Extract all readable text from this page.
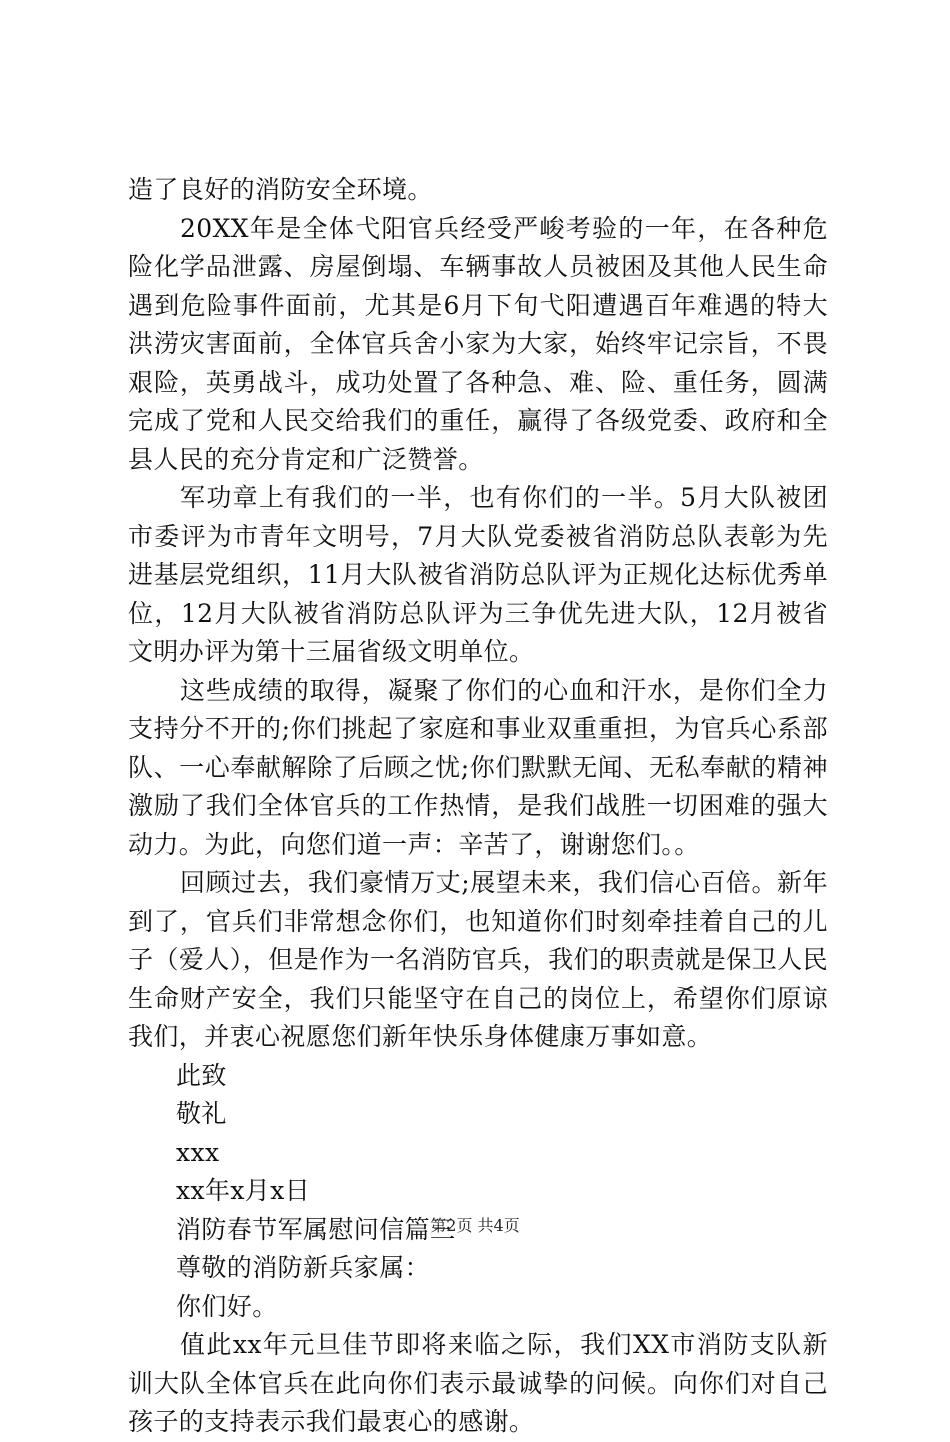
造了良好的消防安全环境。

20XX年是全体弋阳官兵经受严峻考验的一年，在各种危险化学品泄露、房屋倒塌、车辆事故人员被困及其他人民生命遇到危险事件面前，尤其是6月下旬弋阳遭遇百年难遇的特大洪涝灾害面前，全体官兵舍小家为大家，始终牢记宗旨，不畏艰险，英勇战斗，成功处置了各种急、难、险、重任务，圆满完成了党和人民交给我们的重任，赢得了各级党委、政府和全县人民的充分肯定和广泛赞誉。

军功章上有我们的一半，也有你们的一半。5月大队被团市委评为市青年文明号，7月大队党委被省消防总队表彰为先进基层党组织，11月大队被省消防总队评为正规化达标优秀单位，12月大队被省消防总队评为三争优先进大队，12月被省文明办评为第十三届省级文明单位。

这些成绩的取得，凝聚了你们的心血和汗水，是你们全力支持分不开的;你们挑起了家庭和事业双重重担，为官兵心系部队、一心奉献解除了后顾之忧;你们默默无闻、无私奉献的精神激励了我们全体官兵的工作热情，是我们战胜一切困难的强大动力。为此，向您们道一声：辛苦了，谢谢您们。。

回顾过去，我们豪情万丈;展望未来，我们信心百倍。新年到了，官兵们非常想念你们，也知道你们时刻牵挂着自己的儿子（爱人），但是作为一名消防官兵，我们的职责就是保卫人民生命财产安全，我们只能坚守在自己的岗位上，希望你们原谅我们，并衷心祝愿您们新年快乐身体健康万事如意。

此致

敬礼

xxx

xx年x月x日

消防春节军属慰问信篇三

尊敬的消防新兵家属：

你们好。

值此xx年元旦佳节即将来临之际，我们XX市消防支队新训大队全体官兵在此向你们表示最诚挚的问候。向你们对自己孩子的支持表示我们最衷心的感谢。

第2页 共4页
